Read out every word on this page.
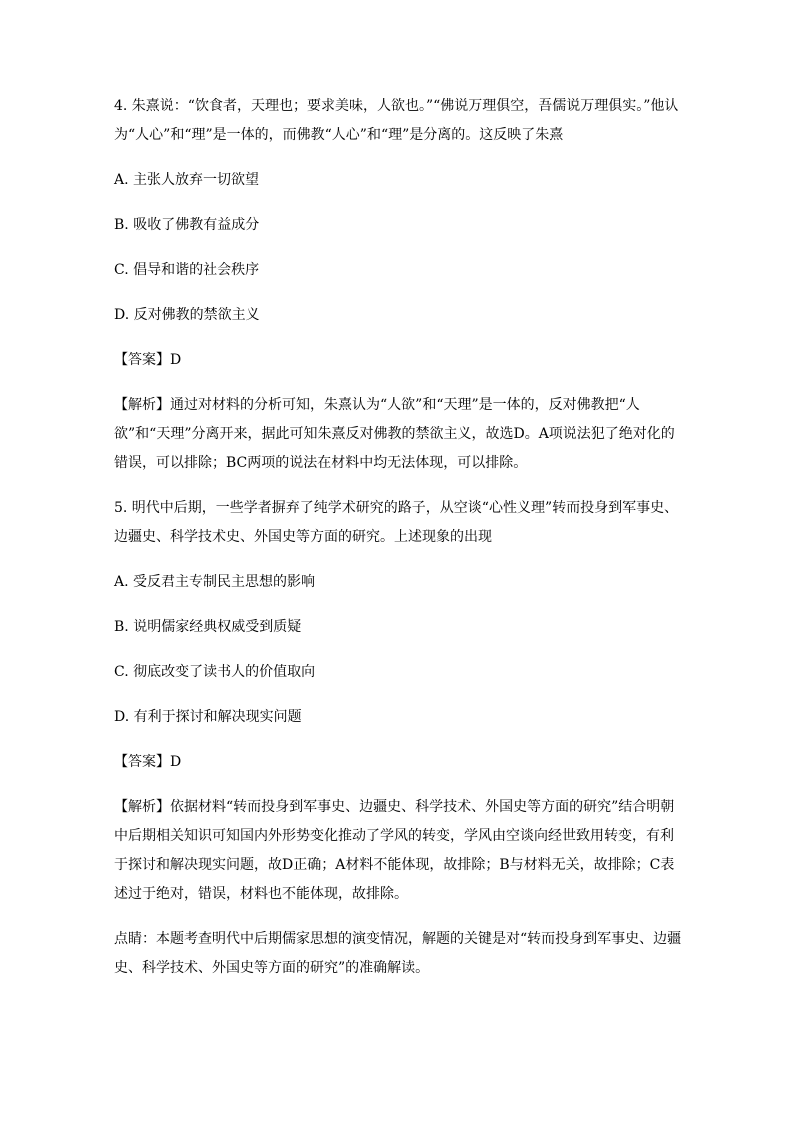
4. 朱熹说：“饮食者，天理也；要求美味，人欲也。”“佛说万理俱空，吾儒说万理俱实。”他认为“人心”和“理”是一体的，而佛教“人心”和“理”是分离的。这反映了朱熹

A. 主张人放弃一切欲望

B. 吸收了佛教有益成分

C. 倡导和谐的社会秩序

D. 反对佛教的禁欲主义

【答案】D

【解析】通过对材料的分析可知，朱熹认为“人欲”和“天理”是一体的，反对佛教把“人欲”和“天理”分离开来，据此可知朱熹反对佛教的禁欲主义，故选D。A项说法犯了绝对化的错误，可以排除；BC两项的说法在材料中均无法体现，可以排除。

5. 明代中后期，一些学者摒弃了纯学术研究的路子，从空谈“心性义理”转而投身到军事史、边疆史、科学技术史、外国史等方面的研究。上述现象的出现

A. 受反君主专制民主思想的影响

B. 说明儒家经典权威受到质疑

C. 彻底改变了读书人的价值取向

D. 有利于探讨和解决现实问题

【答案】D

【解析】依据材料“转而投身到军事史、边疆史、科学技术、外国史等方面的研究”结合明朝中后期相关知识可知国内外形势变化推动了学风的转变，学风由空谈向经世致用转变，有利于探讨和解决现实问题，故D正确；A材料不能体现，故排除；B与材料无关，故排除；C表述过于绝对，错误，材料也不能体现，故排除。

点睛：本题考查明代中后期儒家思想的演变情况，解题的关键是对“转而投身到军事史、边疆史、科学技术、外国史等方面的研究”的准确解读。
